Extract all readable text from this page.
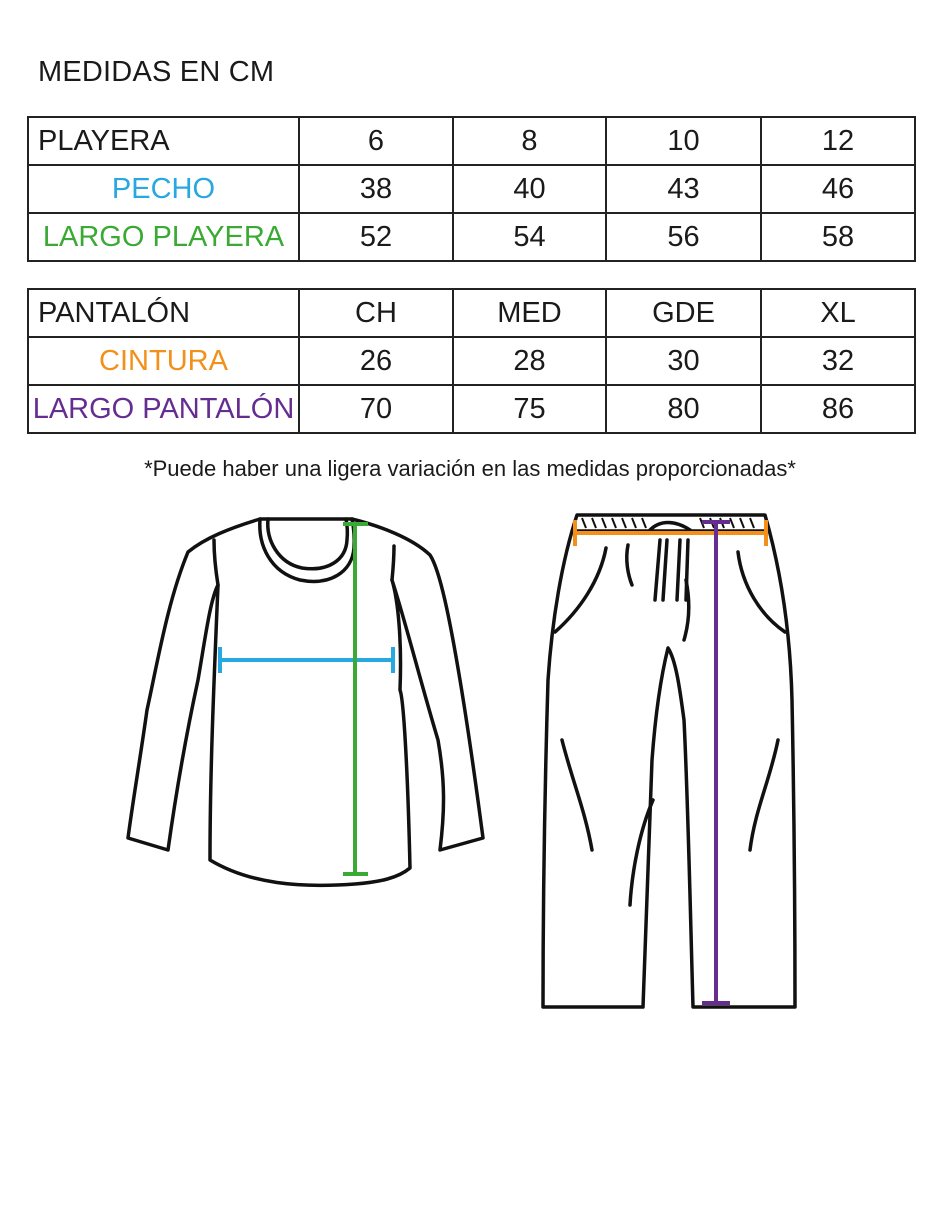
MEDIDAS EN CM
PLAYERA	6	8	10	12
PECHO	38	40	43	46
LARGO PLAYERA	52	54	56	58
PANTALÓN	CH	MED	GDE	XL
CINTURA	26	28	30	32
LARGO PANTALÓN	70	75	80	86
*Puede haber una ligera variación en las medidas proporcionadas*
